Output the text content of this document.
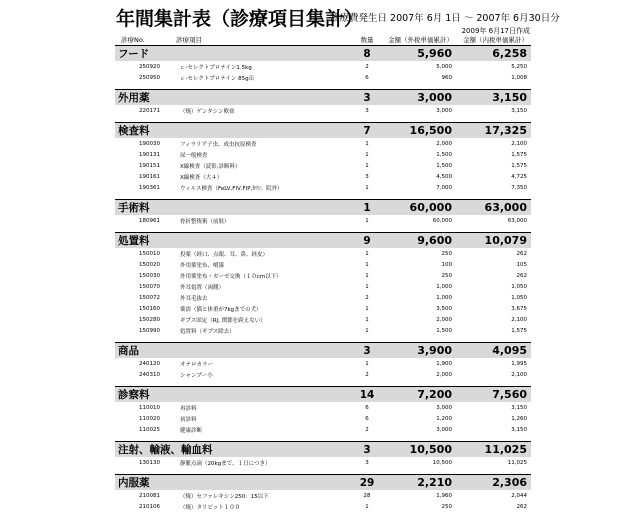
年間集計表（診療項目集計）
診療費発生日 2007年 6月 1日 〜 2007年 6月30日分
2009年 6月17日作成
診療No.	診療項目	数量	金額（外税単価累計）	金額（内税単価累計）
フード		8	5,960	6,258
250920	ｃ-セレクトプロテイン1.5kg	2	5,000	5,250
250950	ｃ-セレクトプロテイン 85g缶	6	960	1,008

外用薬		3	3,000	3,150
220171	（焼）ゲンタシン軟膏	3	3,000	3,150

検査料		7	16,500	17,325
190030	フィラリア子虫、成虫抗原検査	1	2,000	2,100
190131	尿一般検査	1	1,500	1,575
190151	X線検査（読影,診断料）	1	1,500	1,575
190161	X線検査（大４）	3	4,500	4,725
190361	ウィルス検査（FeLV,FIV,FIP,ｶﾘｼ；院外）	1	7,000	7,350

手術料		1	60,000	63,000
180961	骨折整復術（前肢）	1	60,000	63,000

処置料		9	9,600	10,079
150010	投薬（経口、点眼、耳、鼻、経皮）	1	250	262
150020	外用薬塗布、噴霧	1	100	105
150030	外用薬塗布・ガーゼ交換（１０cm以下）	1	250	262
150070	外耳処置（両側）	1	1,000	1,050
150072	外耳毛抜去	2	1,000	1,050
150160	薬浴（猫と体重が7kgまでの犬）	1	3,500	3,675
150280	ギプス固定（RJ, 関節を跨えない）	1	2,000	2,100
150990	処置料（ギプス除去）	1	1,500	1,575

商品		3	3,900	4,095
240120	オテロカラー	1	1,900	1,995
240310	シャンプー小	2	2,000	2,100

診察料		14	7,200	7,560
110010	再診料	6	3,000	3,150
110020	初診料	6	1,200	1,260
110025	健康診断	2	3,000	3,150

注射、輸液、輸血料		3	10,500	11,025
130130	静脈点滴（20kgまで、１日につき）	3	10,500	11,025

内服薬		29	2,210	2,306
210081	（焼）セファレキシン250：15以下	28	1,960	2,044
210106	（焼）タリビット１００	1	250	262
